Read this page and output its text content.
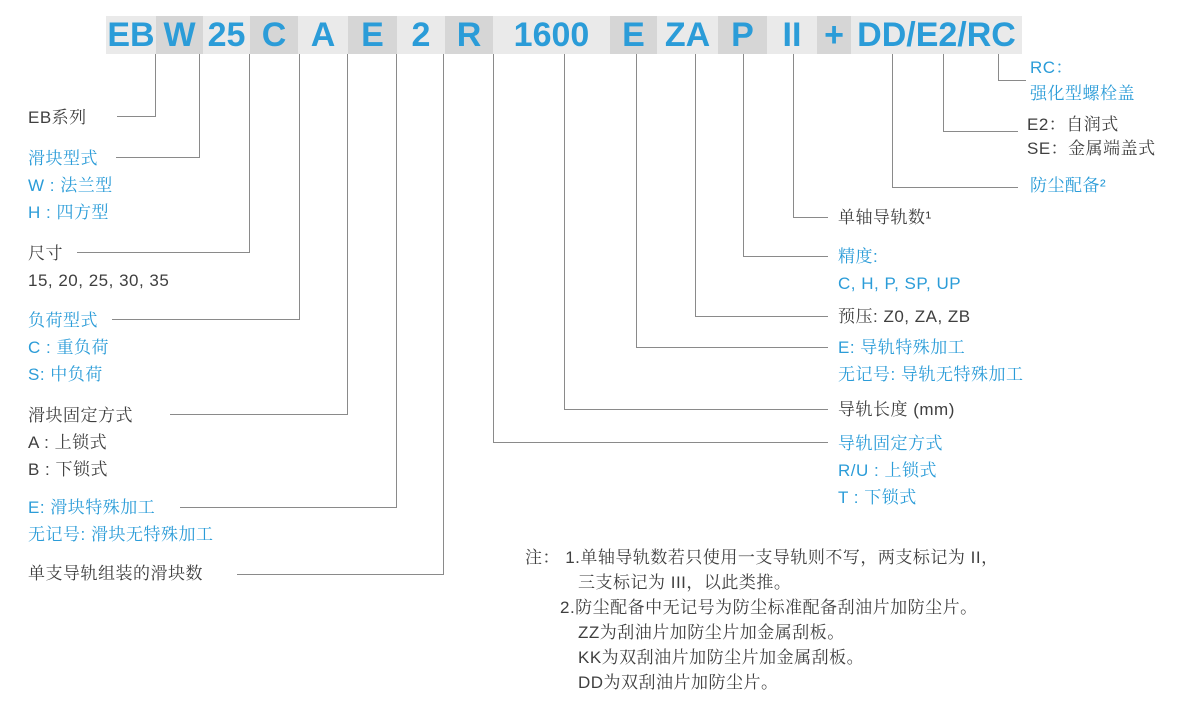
EB W 25 C A E 2 R 1600 E ZA P II + DD/E2/RC
EB系列
滑块型式
W : 法兰型
H : 四方型
尺寸
15, 20, 25, 30, 35
负荷型式
C : 重负荷
S: 中负荷
滑块固定方式
A : 上锁式
B : 下锁式
E: 滑块特殊加工
无记号: 滑块无特殊加工
单支导轨组装的滑块数
单轴导轨数¹
精度:
C, H, P, SP, UP
预压: Z0, ZA, ZB
E: 导轨特殊加工
无记号: 导轨无特殊加工
导轨长度 (mm)
导轨固定方式
R/U : 上锁式
T : 下锁式
RC：
强化型螺栓盖
E2：自润式
SE：金属端盖式
防尘配备²
注： 1.单轴导轨数若只使用一支导轨则不写，两支标记为 II，
三支标记为 III，以此类推。
2.防尘配备中无记号为防尘标准配备刮油片加防尘片。
ZZ为刮油片加防尘片加金属刮板。
KK为双刮油片加防尘片加金属刮板。
DD为双刮油片加防尘片。
